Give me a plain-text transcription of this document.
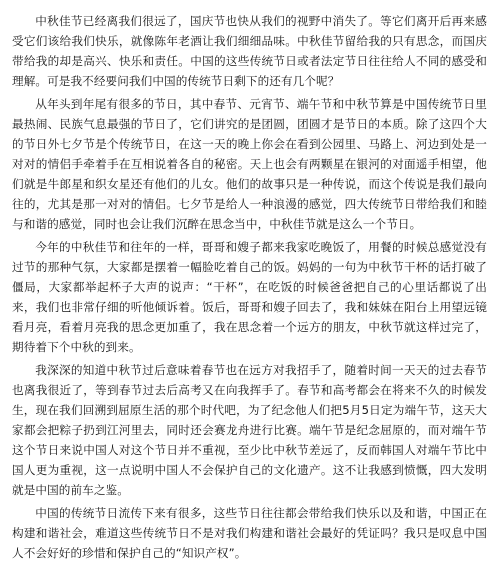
中秋佳节已经离我们很远了，国庆节也快从我们的视野中消失了。等它们离开后再来感受它们该给我们快乐，就像陈年老酒让我们细细品味。中秋佳节留给我的只有思念，而国庆带给我的却是高兴、快乐和责任。中国的这些传统节日或者法定节日往往给人不同的感受和理解。可是我不经要问我们中国的传统节日剩下的还有几个呢？

从年头到年尾有很多的节日，其中春节、元宵节、端午节和中秋节算是中国传统节日里最热闹、民族气息最强的节日了，它们讲究的是团圆，团圆才是节日的本质。除了这四个大的节日外七夕节是个传统节日，在这一天的晚上你会在看到公园里、马路上、河边到处是一对对的情侣手牵着手在互相说着各自的秘密。天上也会有两颗星在银河的对面遥手相望，他们就是牛郎星和织女星还有他们的儿女。他们的故事只是一种传说，而这个传说是我们最向往的，尤其是那一对对的情侣。七夕节是给人一种浪漫的感觉，四大传统节日带给我们和睦与和谐的感觉，同时也会让我们沉醉在思念当中，中秋佳节就是这么一个节日。

今年的中秋佳节和往年的一样，哥哥和嫂子都来我家吃晚饭了，用餐的时候总感觉没有过节的那种气氛，大家都是摆着一幅脸吃着自己的饭。妈妈的一句为中秋节干杯的话打破了僵局，大家都举起杯子大声的说声：“干杯”，在吃饭的时候爸爸把自己的心里话都说了出来，我们也非常仔细的听他倾诉着。饭后，哥哥和嫂子回去了，我和妹妹在阳台上用望远镜看月亮，看着月亮我的思念更加重了，我在思念着一个远方的朋友，中秋节就这样过完了，期待着下个中秋的到来。

我深深的知道中秋节过后意味着春节也在远方对我招手了，随着时间一天天的过去春节也离我很近了，等到春节过去后高考又在向我挥手了。春节和高考都会在将来不久的时候发生，现在我们回溯到屈原生活的那个时代吧，为了纪念他人们把5月5日定为端午节，这天大家都会把粽子扔到江河里去，同时还会赛龙舟进行比赛。端午节是纪念屈原的，而对端午节这个节日来说中国人对这个节日并不重视，至少比中秋节差远了，反而韩国人对端午节比中国人更为重视，这一点说明中国人不会保护自己的文化遗产。这不让我感到愤慨，四大发明就是中国的前车之鉴。

中国的传统节日流传下来有很多，这些节日往往都会带给我们快乐以及和谐，中国正在构建和谐社会，难道这些传统节日不是对我们构建和谐社会最好的凭证吗？我只是叹息中国人不会好好的珍惜和保护自己的“知识产权”。
